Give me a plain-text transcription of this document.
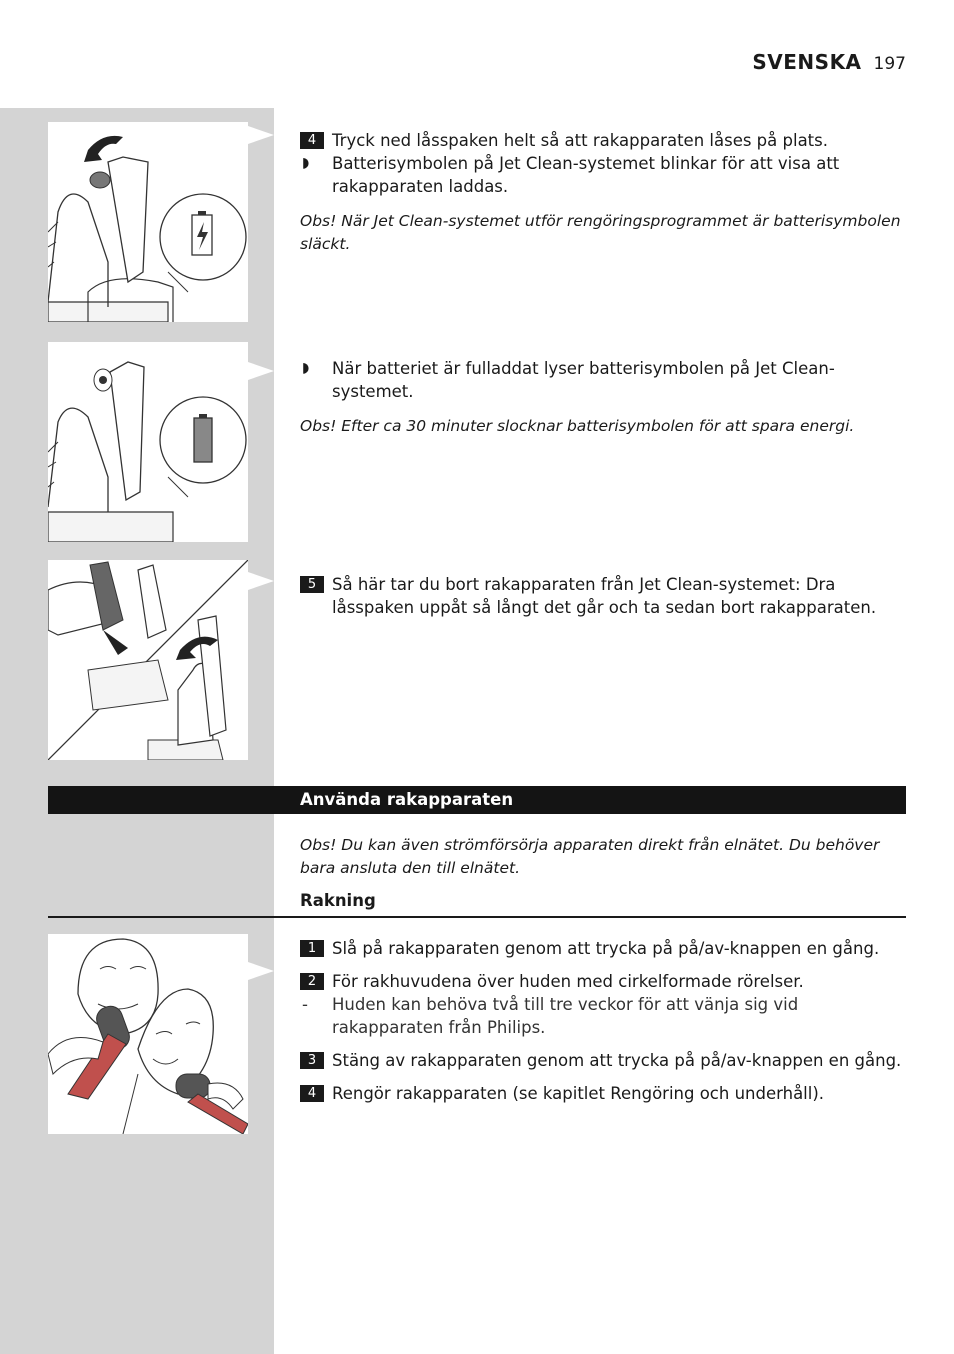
SVENSKA 197

4 Tryck ned låsspaken helt så att rakapparaten låses på plats.

◗ Batterisymbolen på Jet Clean-systemet blinkar för att visa att rakapparaten laddas.

Obs! När Jet Clean-systemet utför rengöringsprogrammet är batterisymbolen släckt.

◗ När batteriet är fulladdat lyser batterisymbolen på Jet Clean-systemet.

Obs! Efter ca 30 minuter slocknar batterisymbolen för att spara energi.

5 Så här tar du bort rakapparaten från Jet Clean-systemet: Dra låsspaken uppåt så långt det går och ta sedan bort rakapparaten.

Använda rakapparaten

Obs! Du kan även strömförsörja apparaten direkt från elnätet. Du behöver bara ansluta den till elnätet.

Rakning

1 Slå på rakapparaten genom att trycka på på/av-knappen en gång.

2 För rakhuvudena över huden med cirkelformade rörelser.

- Huden kan behöva två till tre veckor för att vänja sig vid rakapparaten från Philips.

3 Stäng av rakapparaten genom att trycka på på/av-knappen en gång.

4 Rengör rakapparaten (se kapitlet Rengöring och underhåll).
